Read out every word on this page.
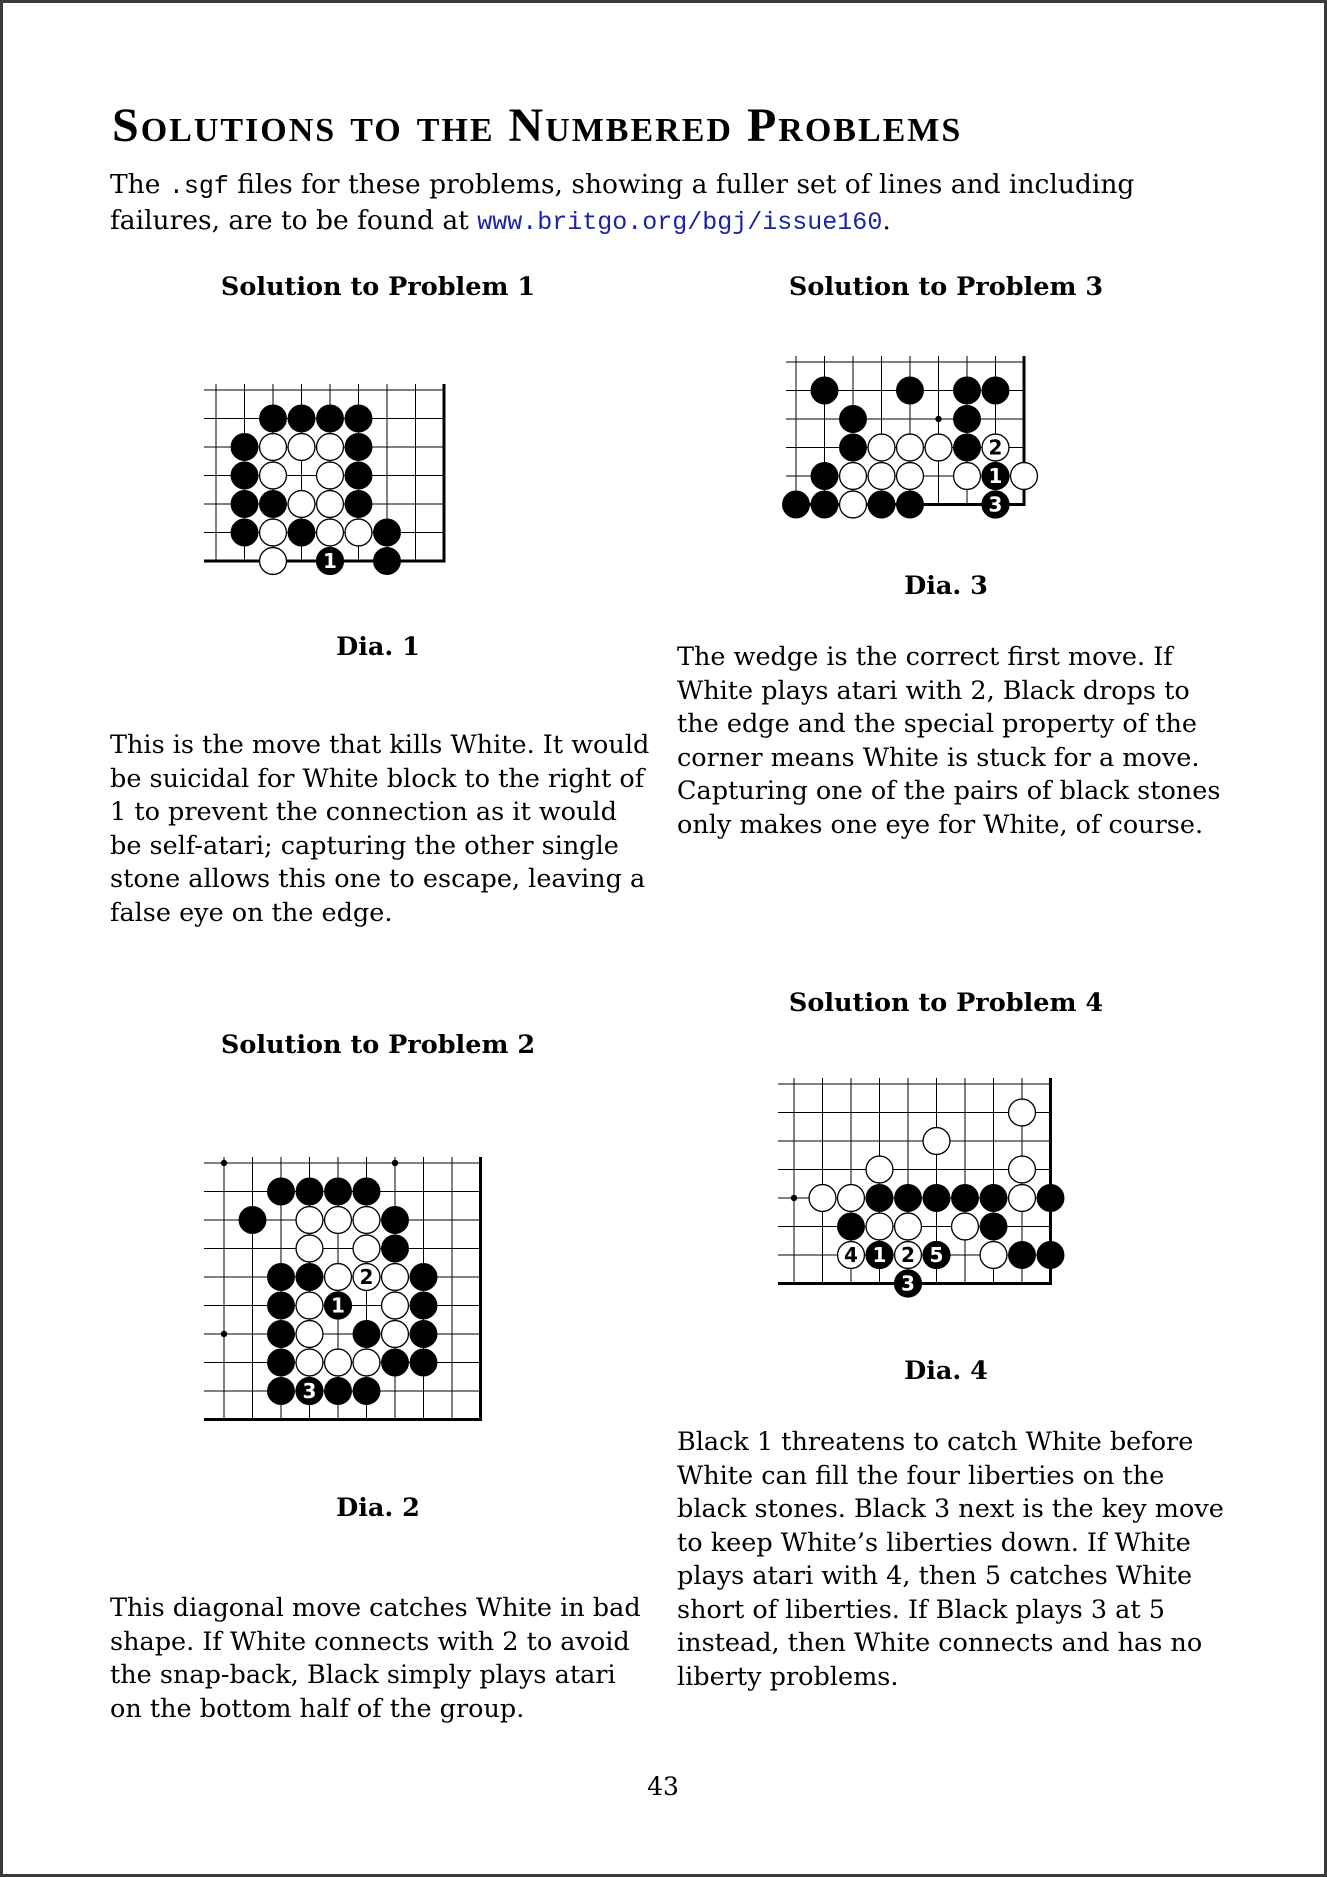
Solutions to the Numbered Problems

The .sgf files for these problems, showing a fuller set of lines and including failures, are to be found at www.britgo.org/bgj/issue160.

Solution to Problem 1
1

Dia. 1

This is the move that kills White. It would be suicidal for White block to the right of 1 to prevent the connection as it would be self-atari; capturing the other single stone allows this one to escape, leaving a false eye on the edge.

Solution to Problem 2
2
1
3

Dia. 2

This diagonal move catches White in bad shape. If White connects with 2 to avoid the snap-back, Black simply plays atari on the bottom half of the group.

Solution to Problem 3
2
1
3

Dia. 3

The wedge is the correct first move. If White plays atari with 2, Black drops to the edge and the special property of the corner means White is stuck for a move. Capturing one of the pairs of black stones only makes one eye for White, of course.

Solution to Problem 4
4 1 2 5
3

Dia. 4

Black 1 threatens to catch White before White can fill the four liberties on the black stones. Black 3 next is the key move to keep White’s liberties down. If White plays atari with 4, then 5 catches White short of liberties. If Black plays 3 at 5 instead, then White connects and has no liberty problems.

43
